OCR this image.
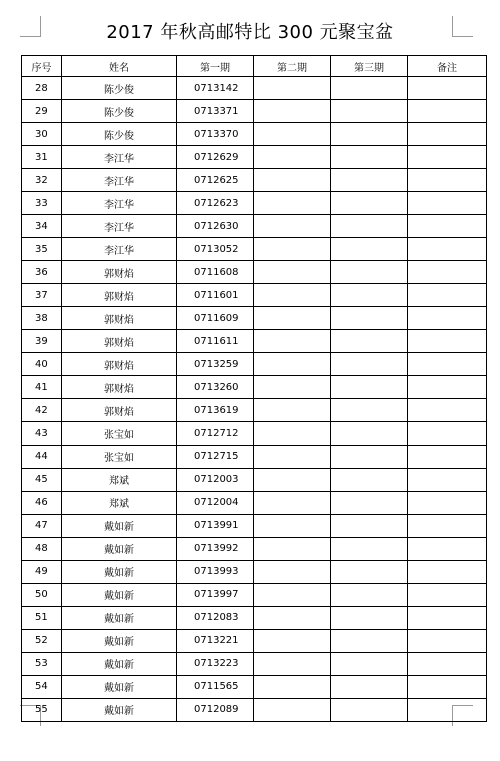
2017 年秋高邮特比 300 元聚宝盆
序号	姓名	第一期	第二期	第三期	备注
28	陈少俊	0713142			
29	陈少俊	0713371			
30	陈少俊	0713370			
31	李江华	0712629			
32	李江华	0712625			
33	李江华	0712623			
34	李江华	0712630			
35	李江华	0713052			
36	郭财焰	0711608			
37	郭财焰	0711601			
38	郭财焰	0711609			
39	郭财焰	0711611			
40	郭财焰	0713259			
41	郭财焰	0713260			
42	郭财焰	0713619			
43	张宝如	0712712			
44	张宝如	0712715			
45	郑斌	0712003			
46	郑斌	0712004			
47	戴如新	0713991			
48	戴如新	0713992			
49	戴如新	0713993			
50	戴如新	0713997			
51	戴如新	0712083			
52	戴如新	0713221			
53	戴如新	0713223			
54	戴如新	0711565			
55	戴如新	0712089			
